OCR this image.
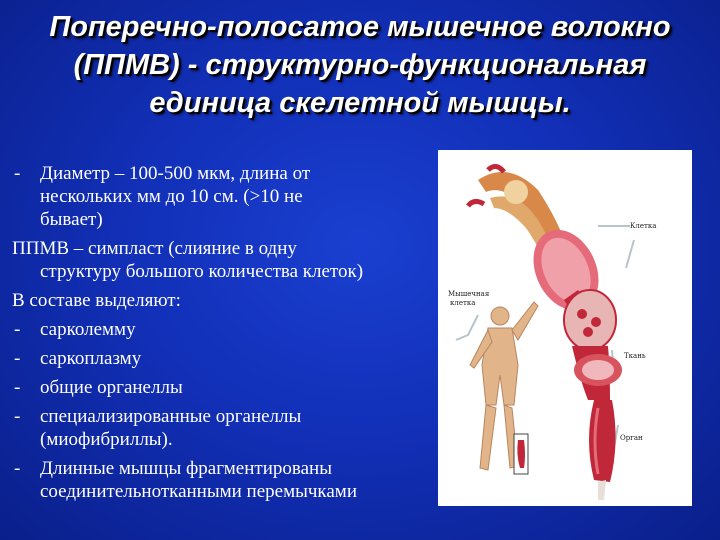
Поперечно-полосатое мышечное волокно
(ППМВ) - структурно-функциональная
единица скелетной мышцы.
- Диаметр – 100-500 мкм, длина от
нескольких мм до 10 см. (>10 не
бывает)
ППМВ – симпласт (слияние в одну
структуру большого количества клеток)
В составе выделяют:
- сарколемму
- саркоплазму
- общие органеллы
- специализированные органеллы
(миофибриллы).
- Длинные мышцы фрагментированы
соединительнотканными перемычками
Клетка
Мышечная
клетка
Ткань
Орган
